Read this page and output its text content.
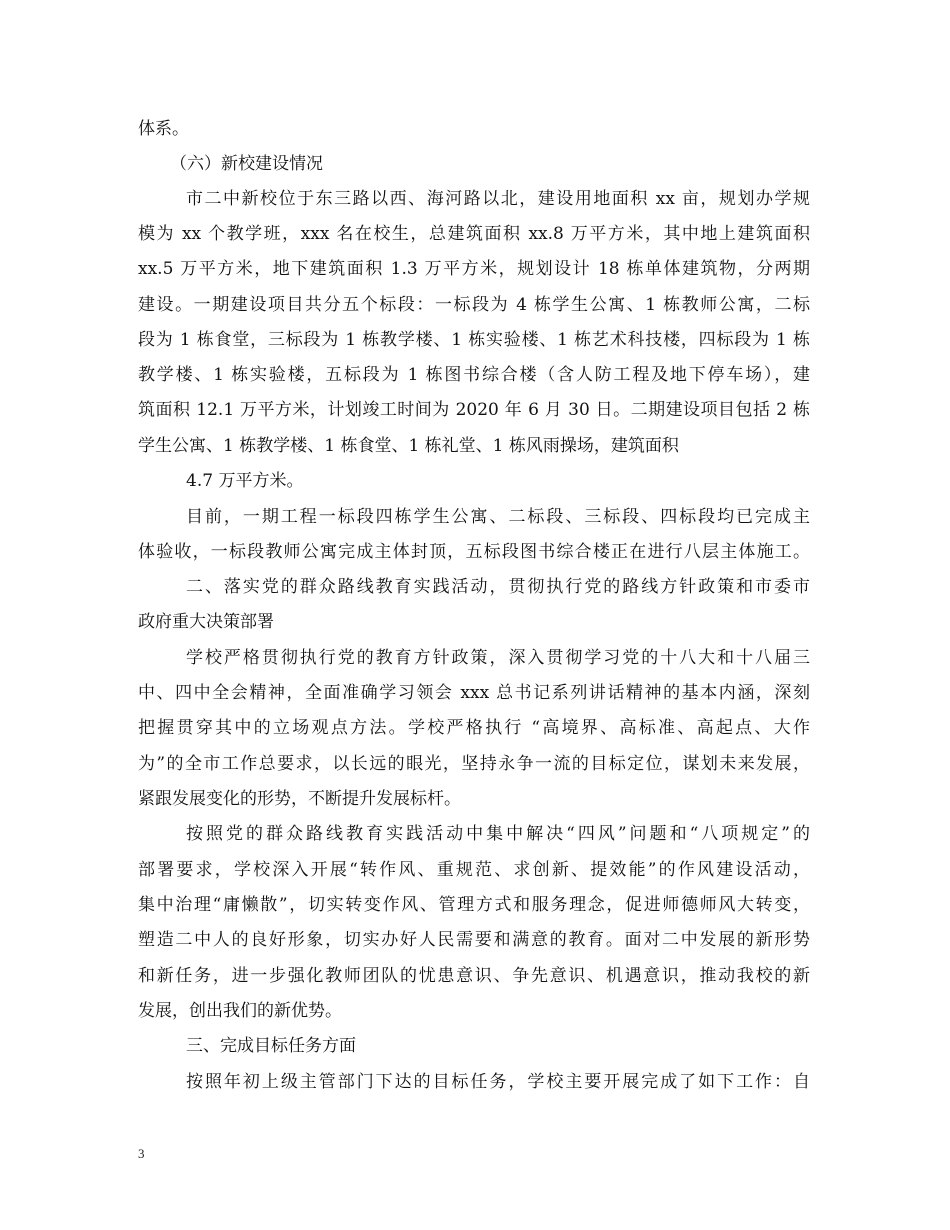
体系。
（六）新校建设情况
市二中新校位于东三路以西、海河路以北，建设用地面积 xx 亩，规划办学规
模为 xx 个教学班，xxx 名在校生，总建筑面积 xx.8 万平方米，其中地上建筑面积
xx.5 万平方米，地下建筑面积 1.3 万平方米，规划设计 18 栋单体建筑物，分两期
建设。一期建设项目共分五个标段：一标段为 4 栋学生公寓、1 栋教师公寓，二标
段为 1 栋食堂，三标段为 1 栋教学楼、1 栋实验楼、1 栋艺术科技楼，四标段为 1 栋
教学楼、1 栋实验楼，五标段为 1 栋图书综合楼（含人防工程及地下停车场），建
筑面积 12.1 万平方米，计划竣工时间为 2020 年 6 月 30 日。二期建设项目包括 2 栋
学生公寓、1 栋教学楼、1 栋食堂、1 栋礼堂、1 栋风雨操场，建筑面积
4.7 万平方米。
目前，一期工程一标段四栋学生公寓、二标段、三标段、四标段均已完成主
体验收，一标段教师公寓完成主体封顶，五标段图书综合楼正在进行八层主体施工。
二、落实党的群众路线教育实践活动，贯彻执行党的路线方针政策和市委市
政府重大决策部署
学校严格贯彻执行党的教育方针政策，深入贯彻学习党的十八大和十八届三
中、四中全会精神，全面准确学习领会 xxx 总书记系列讲话精神的基本内涵，深刻
把握贯穿其中的立场观点方法。学校严格执行 “高境界、高标准、高起点、大作
为”的全市工作总要求，以长远的眼光，坚持永争一流的目标定位，谋划未来发展，
紧跟发展变化的形势，不断提升发展标杆。
按照党的群众路线教育实践活动中集中解决“四风”问题和“八项规定”的
部署要求，学校深入开展“转作风、重规范、求创新、提效能”的作风建设活动，
集中治理“庸懒散”，切实转变作风、管理方式和服务理念，促进师德师风大转变，
塑造二中人的良好形象，切实办好人民需要和满意的教育。面对二中发展的新形势
和新任务，进一步强化教师团队的忧患意识、争先意识、机遇意识，推动我校的新
发展，创出我们的新优势。
三、完成目标任务方面
按照年初上级主管部门下达的目标任务，学校主要开展完成了如下工作：自
3
